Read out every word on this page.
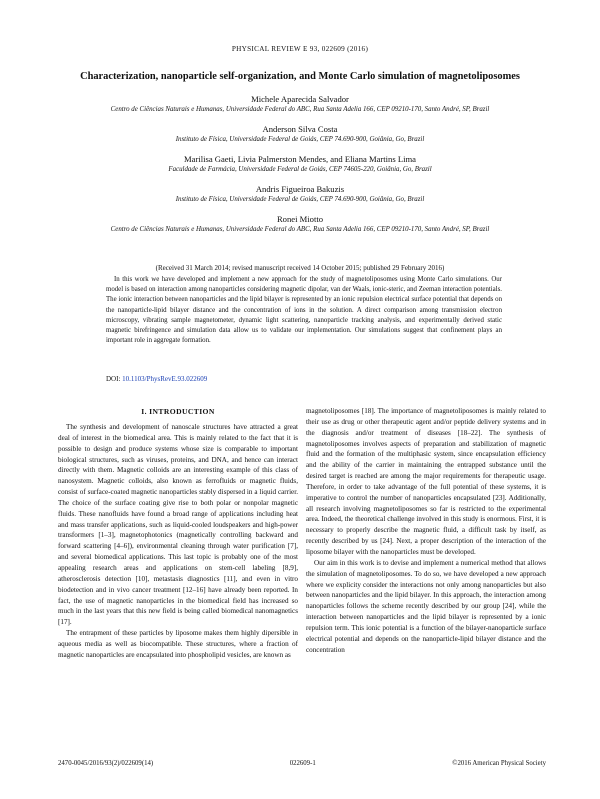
PHYSICAL REVIEW E 93, 022609 (2016)
Characterization, nanoparticle self-organization, and Monte Carlo simulation of magnetoliposomes
Michele Aparecida Salvador
Centro de Ciências Naturais e Humanas, Universidade Federal do ABC, Rua Santa Adelia 166, CEP 09210-170, Santo André, SP, Brazil
Anderson Silva Costa
Instituto de Física, Universidade Federal de Goiás, CEP 74.690-900, Goiânia, Go, Brazil
Marilisa Gaeti, Livia Palmerston Mendes, and Eliana Martins Lima
Faculdade de Farmácia, Universidade Federal de Goiás, CEP 74605-220, Goiânia, Go, Brazil
Andris Figueiroa Bakuzis
Instituto de Física, Universidade Federal de Goiás, CEP 74.690-900, Goiânia, Go, Brazil
Ronei Miotto
Centro de Ciências Naturais e Humanas, Universidade Federal do ABC, Rua Santa Adelia 166, CEP 09210-170, Santo André, SP, Brazil
(Received 31 March 2014; revised manuscript received 14 October 2015; published 29 February 2016)

In this work we have developed and implement a new approach for the study of magnetoliposomes using Monte Carlo simulations. Our model is based on interaction among nanoparticles considering magnetic dipolar, van der Waals, ionic-steric, and Zeeman interaction potentials. The ionic interaction between nanoparticles and the lipid bilayer is represented by an ionic repulsion electrical surface potential that depends on the nanoparticle-lipid bilayer distance and the concentration of ions in the solution. A direct comparison among transmission electron microscopy, vibrating sample magnetometer, dynamic light scattering, nanoparticle tracking analysis, and experimentally derived static magnetic birefringence and simulation data allow us to validate our implementation. Our simulations suggest that confinement plays an important role in aggregate formation.

DOI: 10.1103/PhysRevE.93.022609
I. INTRODUCTION

The synthesis and development of nanoscale structures have attracted a great deal of interest in the biomedical area. This is mainly related to the fact that it is possible to design and produce systems whose size is comparable to important biological structures, such as viruses, proteins, and DNA, and hence can interact directly with them. Magnetic colloids are an interesting example of this class of nanosystem. Magnetic colloids, also known as ferrofluids or magnetic fluids, consist of surface-coated magnetic nanoparticles stably dispersed in a liquid carrier. The choice of the surface coating give rise to both polar or nonpolar magnetic fluids. These nanofluids have found a broad range of applications including heat and mass transfer applications, such as liquid-cooled loudspeakers and high-power transformers [1–3], magnetophotonics (magnetically controlling backward and forward scattering [4–6]), environmental cleaning through water purification [7], and several biomedical applications. This last topic is probably one of the most appealing research areas and applications on stem-cell labeling [8,9], atherosclerosis detection [10], metastasis diagnostics [11], and even in vitro biodetection and in vivo cancer treatment [12–16] have already been reported. In fact, the use of magnetic nanoparticles in the biomedical field has increased so much in the last years that this new field is being called biomedical nanomagnetics [17].

The entrapment of these particles by liposome makes them highly dipersible in aqueous media as well as biocompatible. These structures, where a fraction of magnetic nanoparticles are encapsulated into phospholipid vesicles, are known as

magnetoliposomes [18]. The importance of magnetoliposomes is mainly related to their use as drug or other therapeutic agent and/or peptide delivery systems and in the diagnosis and/or treatment of diseases [18–22]. The synthesis of magnetoliposomes involves aspects of preparation and stabilization of magnetic fluid and the formation of the multiphasic system, since encapsulation efficiency and the ability of the carrier in maintaining the entrapped substance until the desired target is reached are among the major requirements for therapeutic usage. Therefore, in order to take advantage of the full potential of these systems, it is imperative to control the number of nanoparticles encapsulated [23]. Additionally, all research involving magnetoliposomes so far is restricted to the experimental area. Indeed, the theoretical challenge involved in this study is enormous. First, it is necessary to properly describe the magnetic fluid, a difficult task by itself, as recently described by us [24]. Next, a proper description of the interaction of the liposome bilayer with the nanoparticles must be developed.

Our aim in this work is to devise and implement a numerical method that allows the simulation of magnetoliposomes. To do so, we have developed a new approach where we explicity consider the interactions not only among nanoparticles but also between nanoparticles and the lipid bilayer. In this approach, the interaction among nanoparticles follows the scheme recently described by our group [24], while the interaction between nanoparticles and the lipid bilayer is represented by a ionic repulsion term. This ionic potential is a function of the bilayer-nanoparticle surface electrical potential and depends on the nanoparticle-lipid bilayer distance and the concentration

2470-0045/2016/93(2)/022609(14)	022609-1	©2016 American Physical Society
